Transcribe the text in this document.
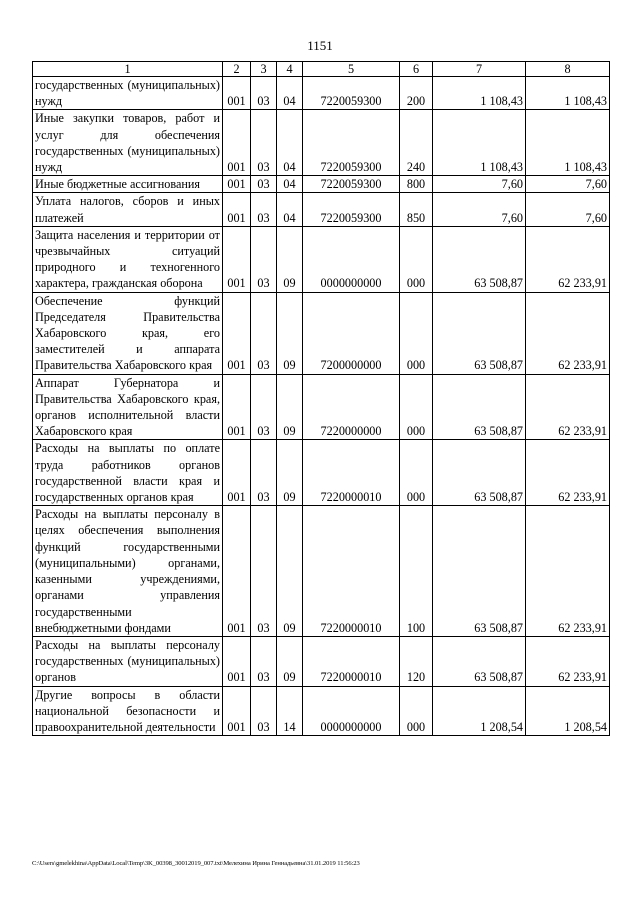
1151
1	2	3	4	5	6	7	8
государственных (муниципальных) нужд	001	03	04	7220059300	200	1 108,43	1 108,43
Иные закупки товаров, работ и услуг для обеспечения государственных (муниципальных) нужд	001	03	04	7220059300	240	1 108,43	1 108,43
Иные бюджетные ассигнования	001	03	04	7220059300	800	7,60	7,60
Уплата налогов, сборов и иных платежей	001	03	04	7220059300	850	7,60	7,60
Защита населения и территории от чрезвычайных ситуаций природного и техногенного характера, гражданская оборона	001	03	09	0000000000	000	63 508,87	62 233,91
Обеспечение функций Председателя Правительства Хабаровского края, его заместителей и аппарата Правительства Хабаровского края	001	03	09	7200000000	000	63 508,87	62 233,91
Аппарат Губернатора и Правительства Хабаровского края, органов исполнительной власти Хабаровского края	001	03	09	7220000000	000	63 508,87	62 233,91
Расходы на выплаты по оплате труда работников органов государственной власти края и государственных органов края	001	03	09	7220000010	000	63 508,87	62 233,91
Расходы на выплаты персоналу в целях обеспечения выполнения функций государственными (муниципальными) органами, казенными учреждениями, органами управления государственными внебюджетными фондами	001	03	09	7220000010	100	63 508,87	62 233,91
Расходы на выплаты персоналу государственных (муниципальных) органов	001	03	09	7220000010	120	63 508,87	62 233,91
Другие вопросы в области национальной безопасности и правоохранительной деятельности	001	03	14	0000000000	000	1 208,54	1 208,54
C:\Users\gmelekhina\AppData\Local\Temp\3K_00398_30012019_007.txt\Мелехина Ирина Геннадьевна\31.01.2019 11:56:23
